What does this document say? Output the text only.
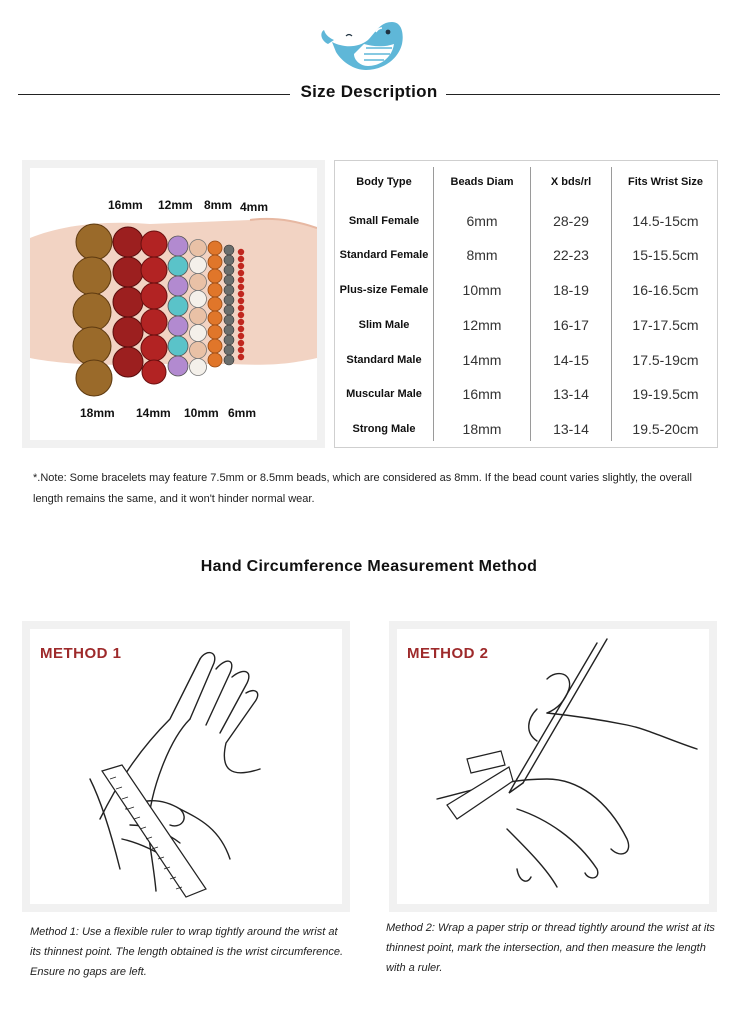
Size Description
16mm 12mm 8mm 4mm
18mm 14mm 10mm 6mm
Body Type	Beads Diam	X bds/rl	Fits Wrist Size
Small Female	6mm	28-29	14.5-15cm
Standard Female	8mm	22-23	15-15.5cm
Plus-size Female	10mm	18-19	16-16.5cm
Slim Male	12mm	16-17	17-17.5cm
Standard Male	14mm	14-15	17.5-19cm
Muscular Male	16mm	13-14	19-19.5cm
Strong Male	18mm	13-14	19.5-20cm
*.Note: Some bracelets may feature 7.5mm or 8.5mm beads, which are considered as 8mm. If the bead count varies slightly, the overall length remains the same, and it won't hinder normal wear.
Hand Circumference Measurement Method
METHOD 1
Method 1: Use a flexible ruler to wrap tightly around the wrist at its thinnest point. The length obtained is the wrist circumference. Ensure no gaps are left.
METHOD 2
Method 2: Wrap a paper strip or thread tightly around the wrist at its thinnest point, mark the intersection, and then measure the length with a ruler.
